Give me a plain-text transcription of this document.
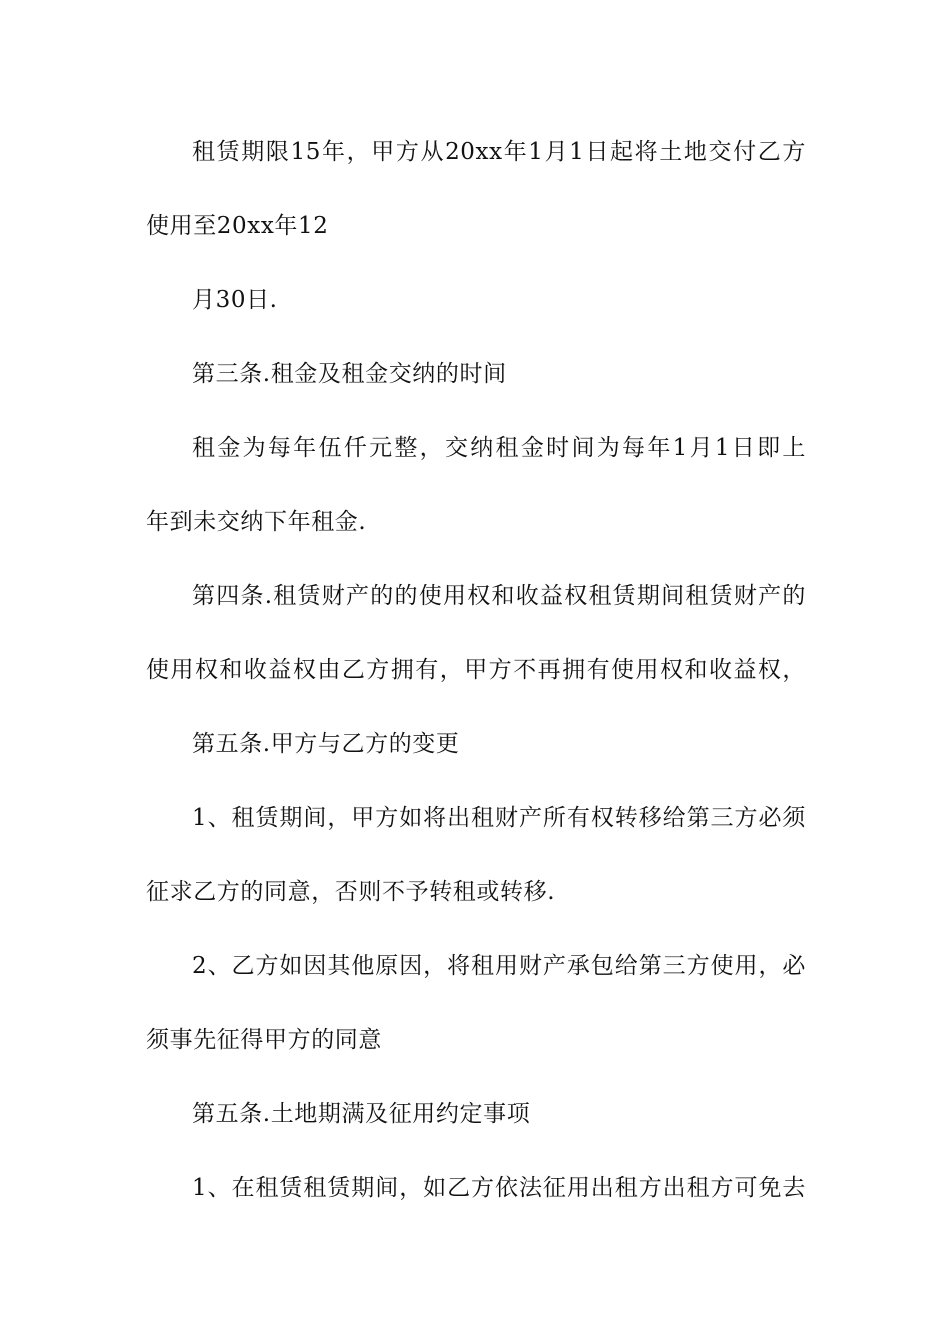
租赁期限15年，甲方从20xx年1月1日起将土地交付乙方
使用至20xx年12
月30日.
第三条.租金及租金交纳的时间
租金为每年伍仟元整，交纳租金时间为每年1月1日即上
年到未交纳下年租金.
第四条.租赁财产的的使用权和收益权租赁期间租赁财产的
使用权和收益权由乙方拥有，甲方不再拥有使用权和收益权，
第五条.甲方与乙方的变更
1、租赁期间，甲方如将出租财产所有权转移给第三方必须
征求乙方的同意，否则不予转租或转移.
2、乙方如因其他原因，将租用财产承包给第三方使用，必
须事先征得甲方的同意
第五条.土地期满及征用约定事项
1、在租赁租赁期间，如乙方依法征用出租方出租方可免去
